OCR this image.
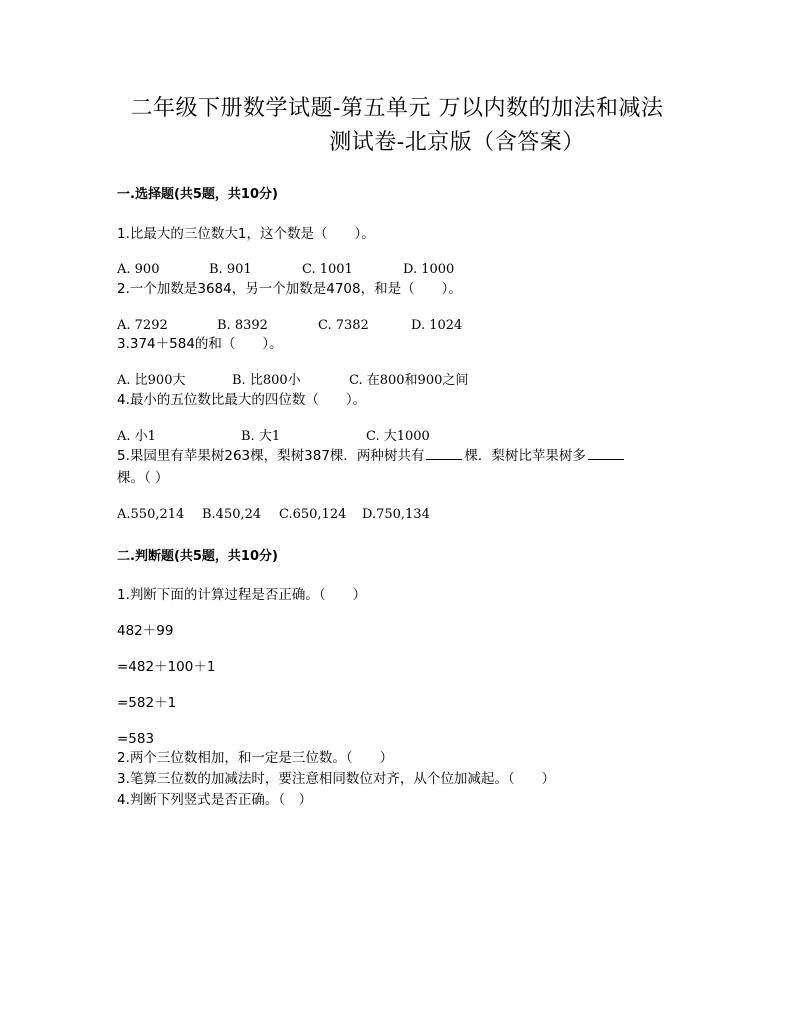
二年级下册数学试题-第五单元 万以内数的加法和减法
测试卷-北京版（含答案）
一.选择题(共5题，共10分)
1.比最大的三位数大1，这个数是（　　）。
A. 900	B. 901	C. 1001	D. 1000
2.一个加数是3684，另一个加数是4708，和是（　　）。
A. 7292	B. 8392	C. 7382	D. 1024
3.374＋584的和（　　）。
A. 比900大	B. 比800小	C. 在800和900之间
4.最小的五位数比最大的四位数（　　）。
A. 小1	B. 大1	C. 大1000
5.果园里有苹果树263棵，梨树387棵．两种树共有	棵．梨树比苹果树多
棵。（ ）
A.550,214 B.450,24 C.650,124 D.750,134
二.判断题(共5题，共10分)
1.判断下面的计算过程是否正确。（　　）
482＋99
=482＋100＋1
=582＋1
=583
2.两个三位数相加，和一定是三位数。（　　）
3.笔算三位数的加减法时，要注意相同数位对齐，从个位加减起。（　　）
4.判断下列竖式是否正确。（　）
